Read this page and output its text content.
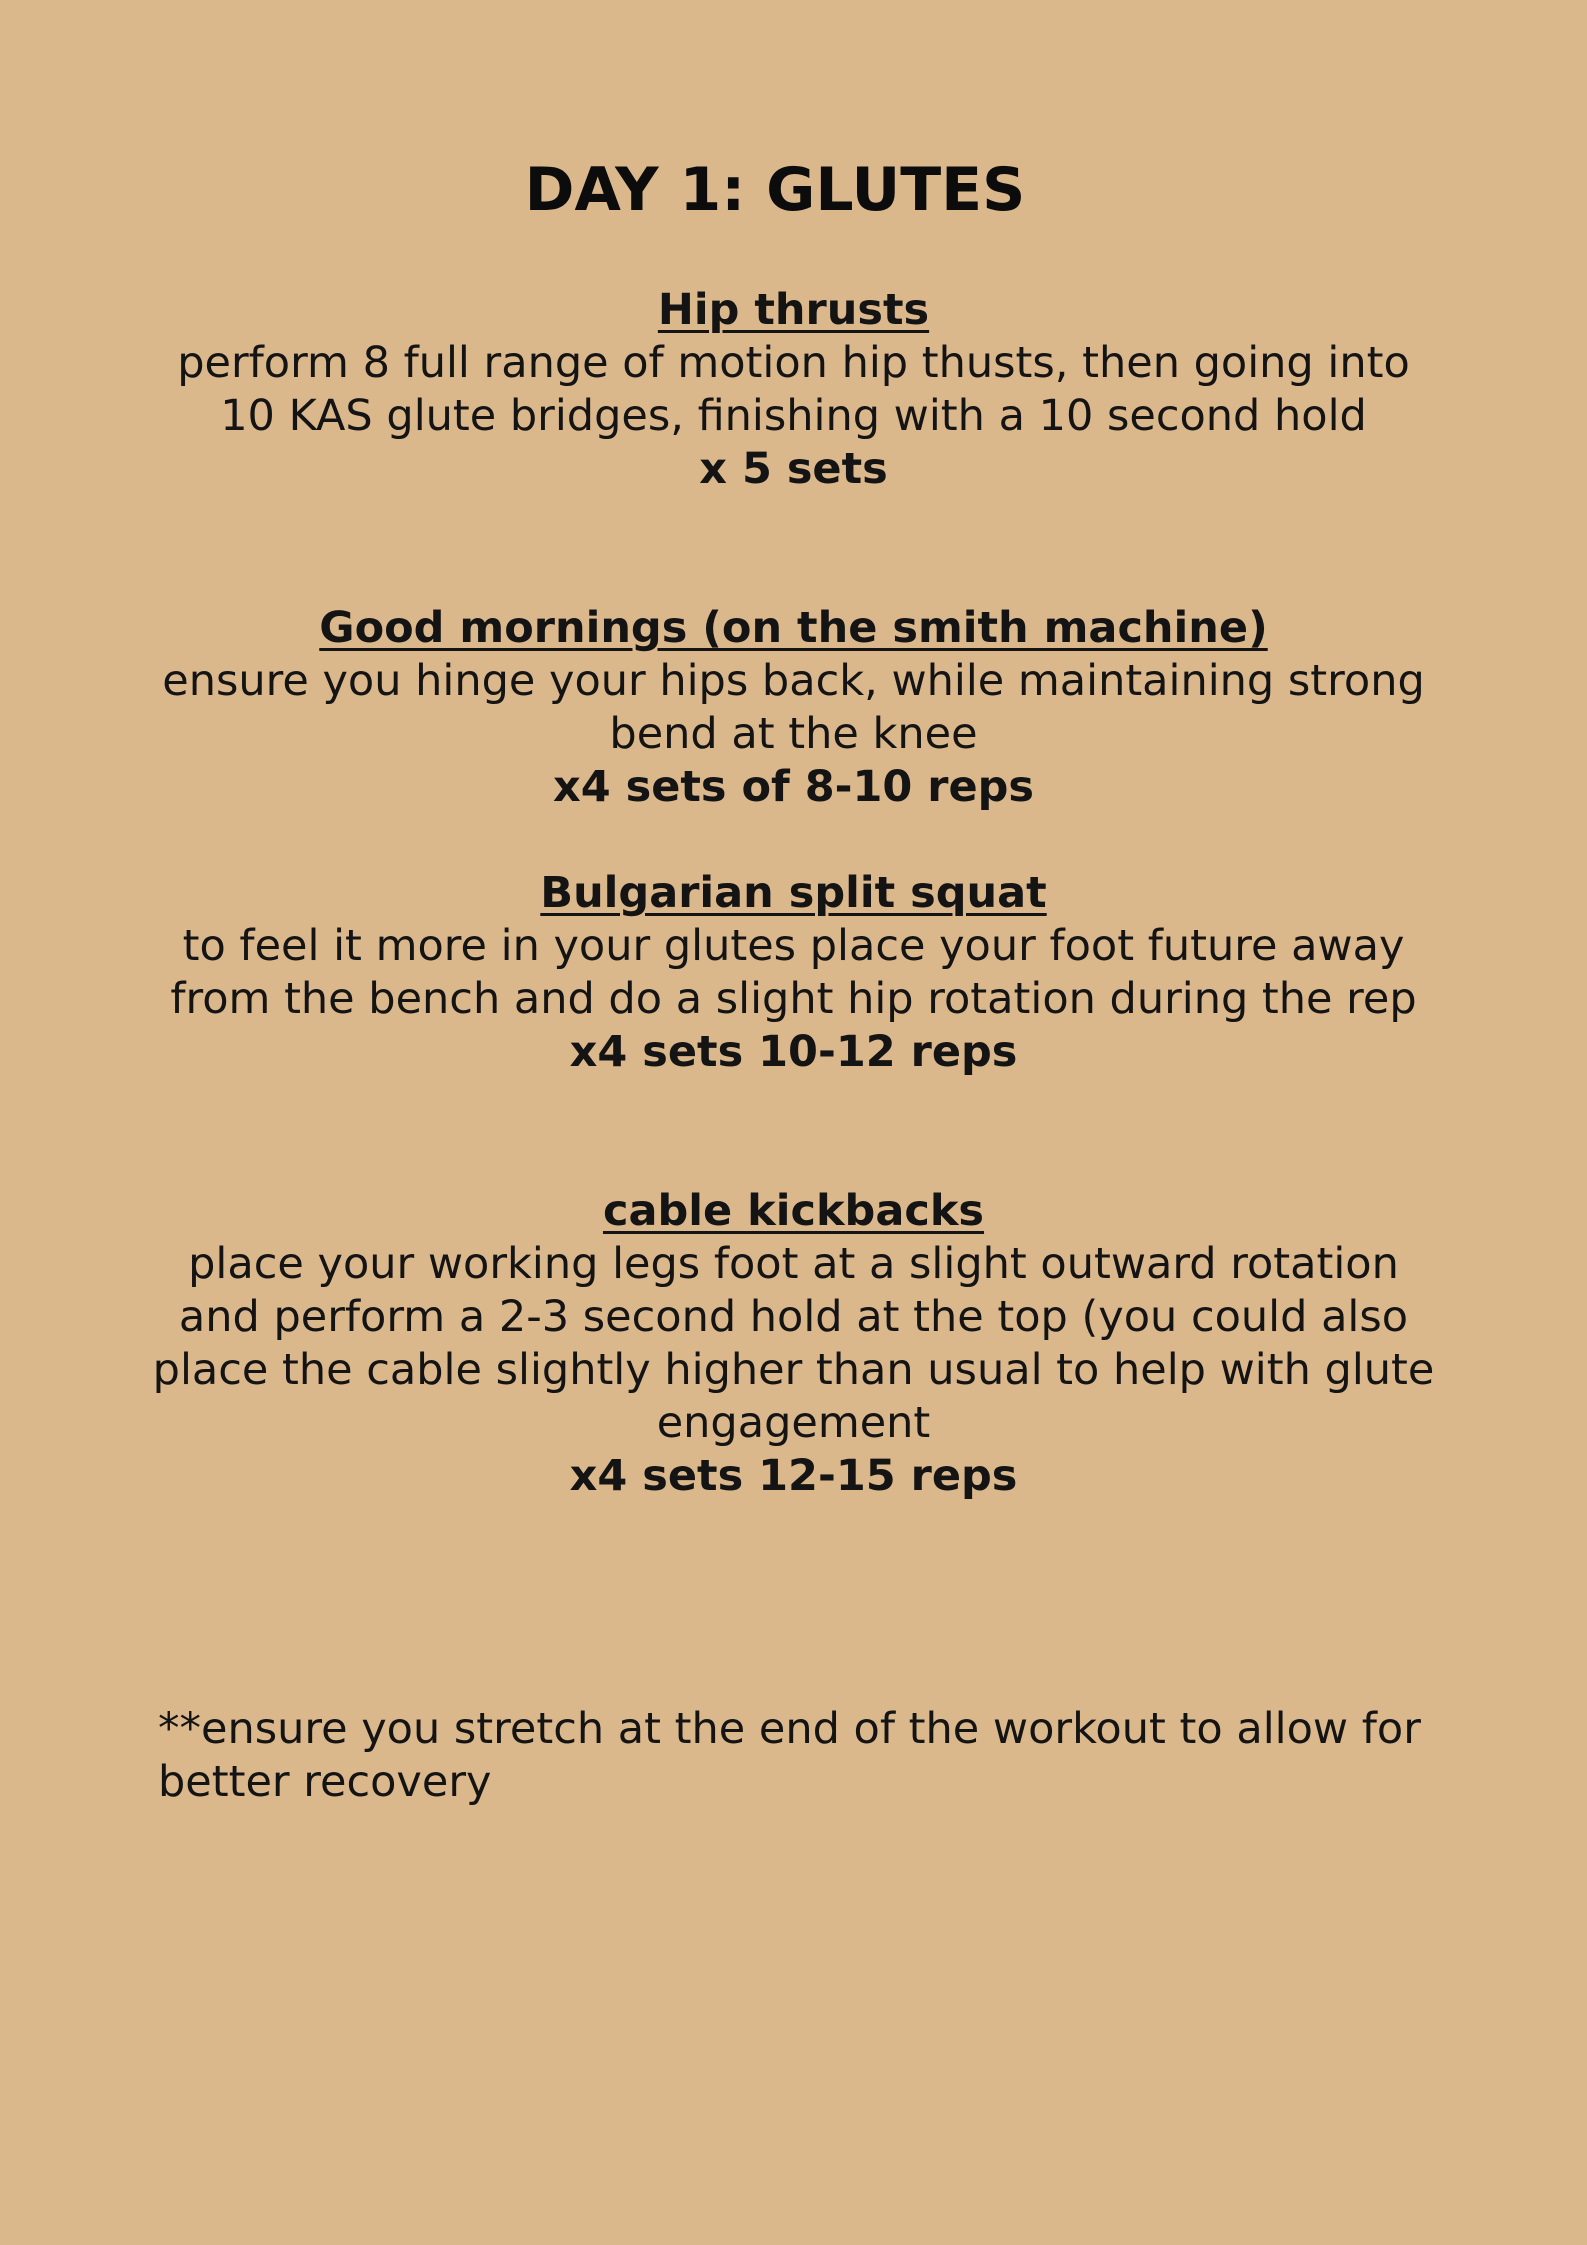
DAY 1: GLUTES
Hip thrusts
perform 8 full range of motion hip thusts, then going into 10 KAS glute bridges, finishing with a 10 second hold
x 5 sets
Good mornings (on the smith machine)
ensure you hinge your hips back, while maintaining strong bend at the knee
x4 sets of 8-10 reps
Bulgarian split squat
to feel it more in your glutes place your foot future away from the bench and do a slight hip rotation during the rep
x4 sets 10-12 reps
cable kickbacks
place your working legs foot at a slight outward rotation and perform a 2-3 second hold at the top (you could also place the cable slightly higher than usual to help with glute engagement
x4 sets 12-15 reps

**ensure you stretch at the end of the workout to allow for better recovery
